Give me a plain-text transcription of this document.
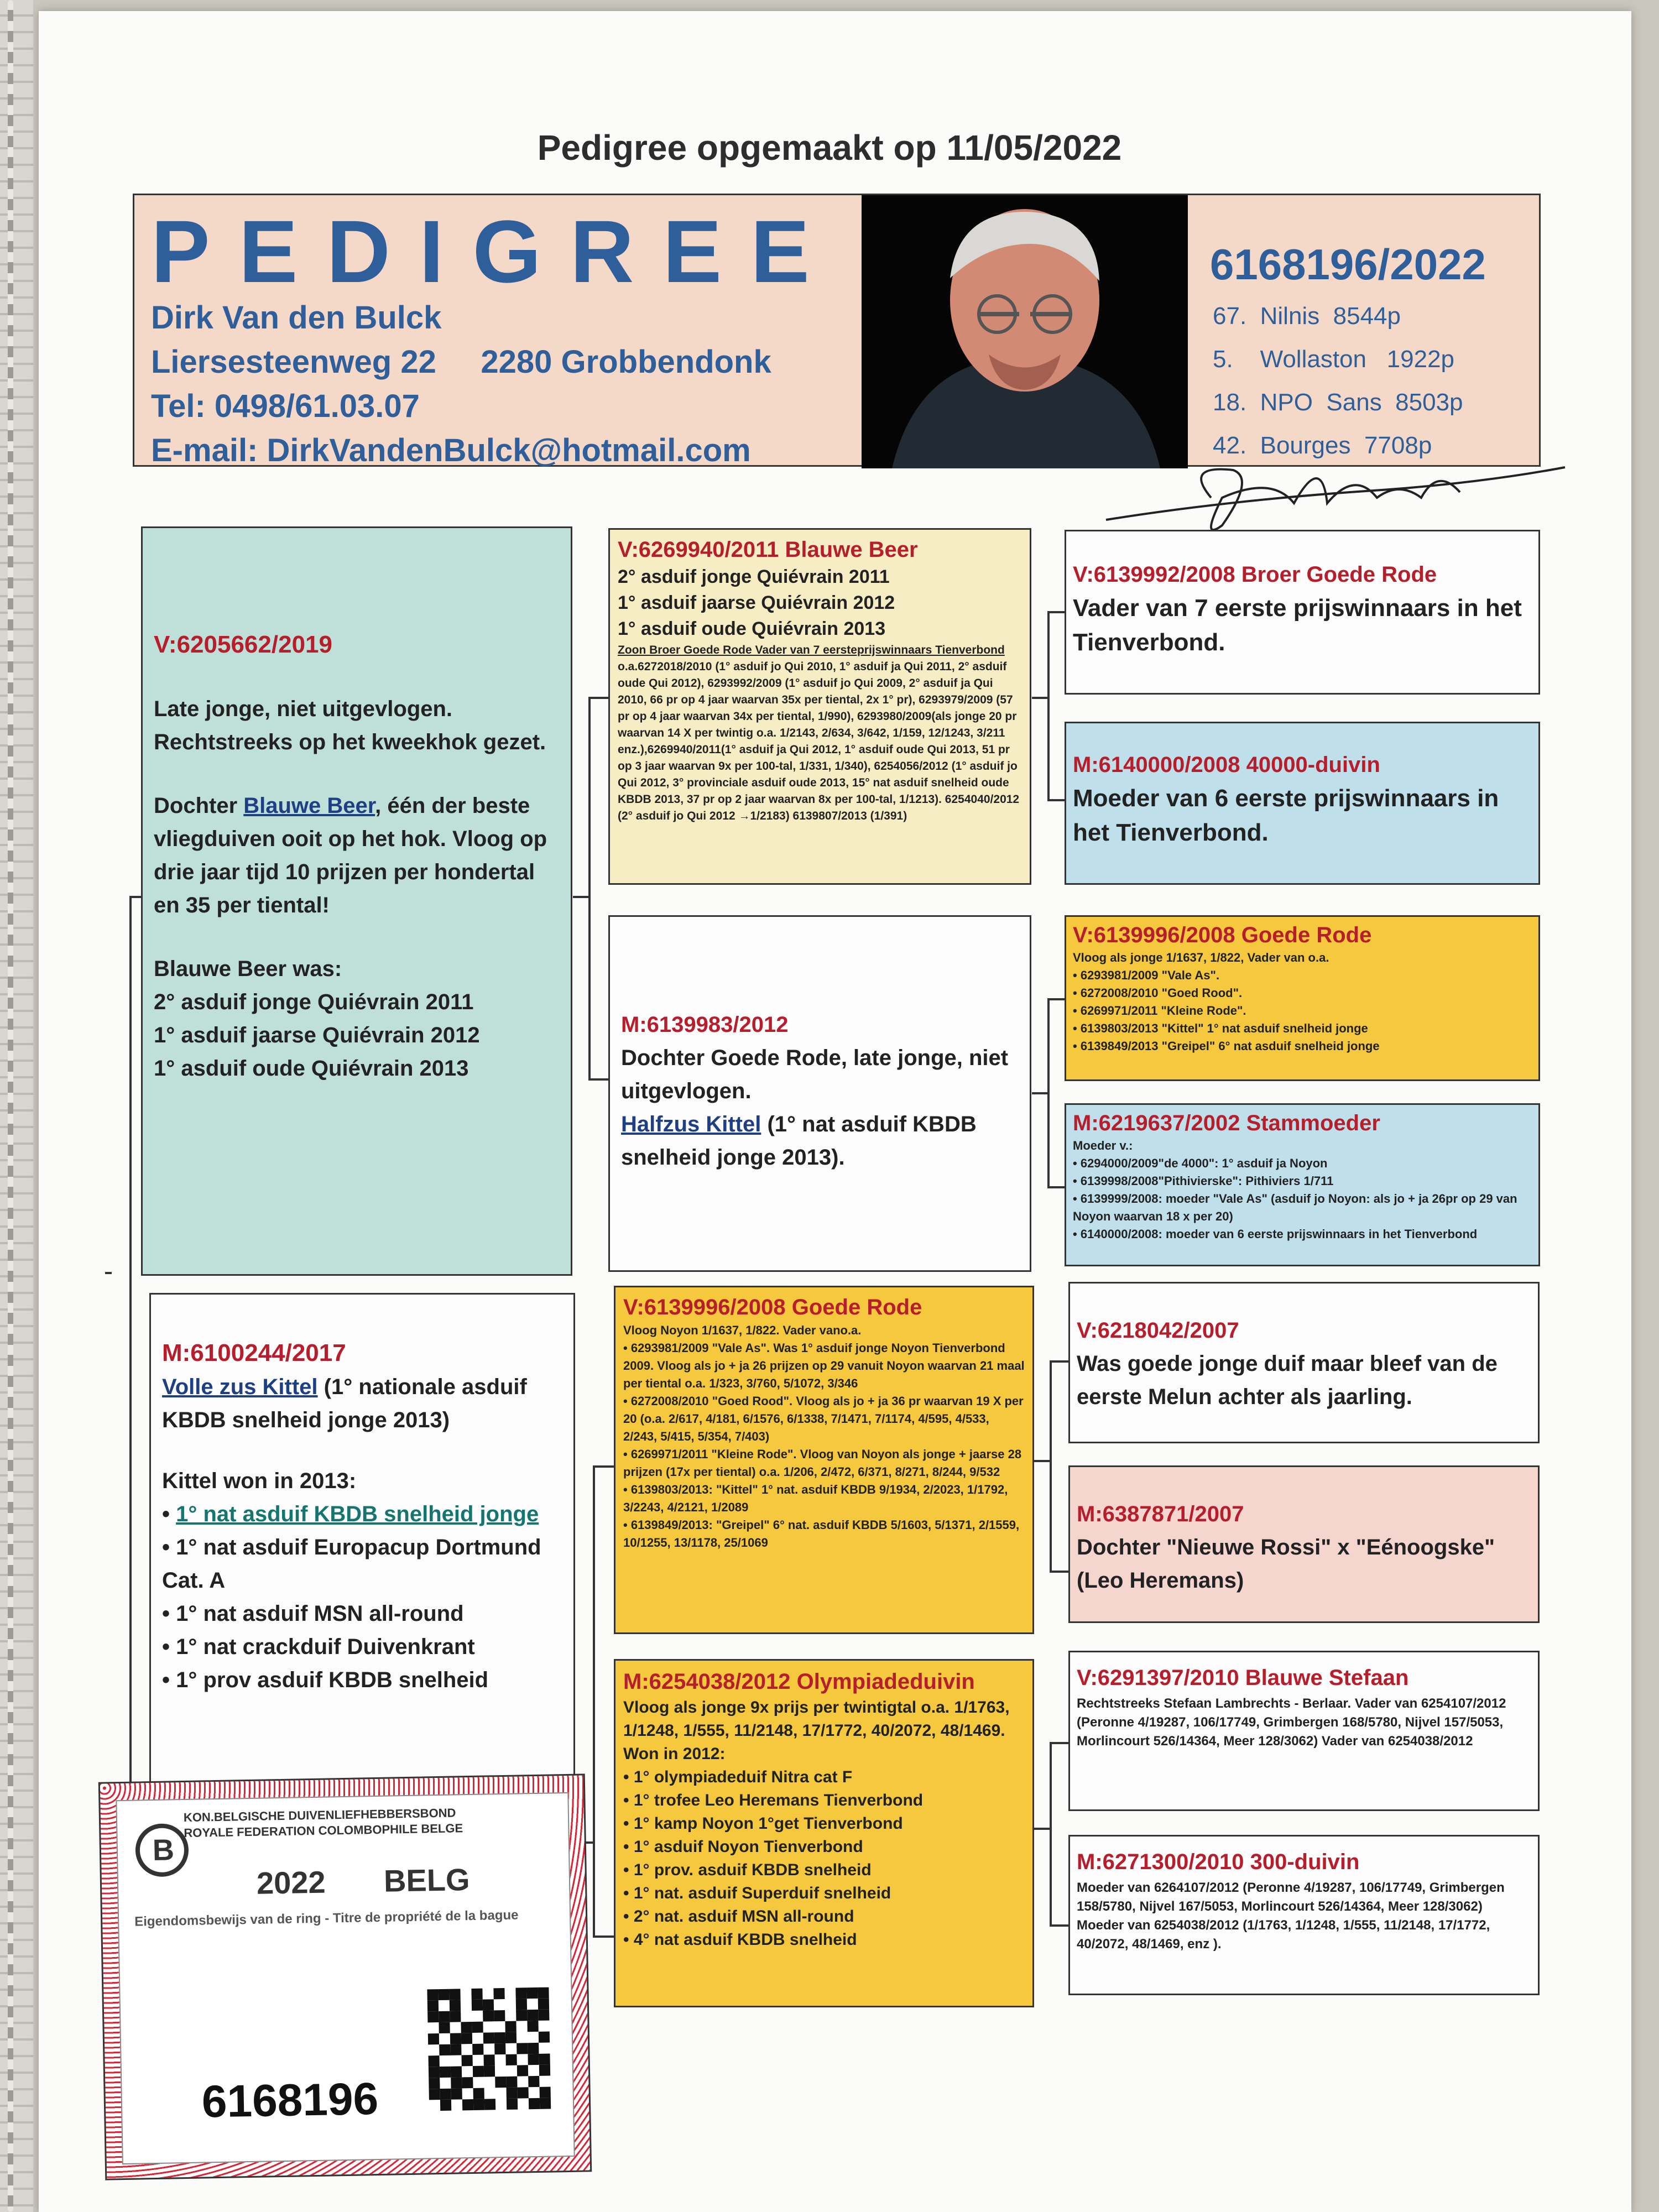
Pedigree opgemaakt op 11/05/2022
PEDIGREE
Dirk Van den Bulck
Liersesteenweg 22     2280 Grobbendonk
Tel: 0498/61.03.07
E-mail: DirkVandenBulck@hotmail.com
6168196/2022
67.  Nilnis  8544p
5.    Wollaston   1922p
18.  NPO  Sans  8503p
42.  Bourges  7708p
V:6205662/2019
Late jonge, niet uitgevlogen. Rechtstreeks op het kweekhok gezet.
Dochter Blauwe Beer, één der beste vliegduiven ooit op het hok. Vloog op drie jaar tijd 10 prijzen per hondertal en 35 per tiental!
Blauwe Beer was:
2° asduif jonge Quiévrain 2011
1° asduif jaarse Quiévrain 2012
1° asduif oude Quiévrain 2013
M:6100244/2017
Volle zus Kittel (1° nationale asduif KBDB snelheid jonge 2013)
Kittel won in 2013:
• 1° nat asduif KBDB snelheid jonge
• 1° nat asduif Europacup Dortmund Cat. A
• 1° nat asduif MSN all-round
• 1° nat crackduif Duivenkrant
• 1° prov asduif KBDB snelheid
V:6269940/2011 Blauwe Beer
2° asduif jonge Quiévrain 2011
1° asduif jaarse Quiévrain 2012
1° asduif oude Quiévrain 2013
Zoon Broer Goede Rode Vader van 7 eersteprijswinnaars Tienverbond
o.a.6272018/2010 (1° asduif jo Qui 2010, 1° asduif ja Qui 2011, 2° asduif oude Qui 2012), 6293992/2009 (1° asduif jo Qui 2009, 2° asduif ja Qui 2010, 66 pr op 4 jaar waarvan 35x per tiental, 2x 1° pr), 6293979/2009 (57 pr op 4 jaar waarvan 34x per tiental, 1/990), 6293980/2009(als jonge 20 pr waarvan 14 X per twintig o.a. 1/2143, 2/634, 3/642, 1/159, 12/1243, 3/211 enz.),6269940/2011(1° asduif ja Qui 2012, 1° asduif oude Qui 2013, 51 pr op 3 jaar waarvan 9x per 100-tal, 1/331, 1/340), 6254056/2012 (1° asduif jo Qui 2012, 3° provinciale asduif oude 2013, 15° nat asduif snelheid oude KBDB 2013, 37 pr op 2 jaar waarvan 8x per 100-tal, 1/1213). 6254040/2012 (2° asduif jo Qui 2012 →1/2183) 6139807/2013 (1/391)
M:6139983/2012
Dochter Goede Rode, late jonge, niet uitgevlogen.
Halfzus Kittel (1° nat asduif KBDB snelheid jonge 2013).
V:6139996/2008 Goede Rode
Vloog Noyon 1/1637, 1/822. Vader vano.a.
• 6293981/2009 "Vale As". Was 1° asduif jonge Noyon Tienverbond 2009. Vloog als jo + ja 26 prijzen op 29 vanuit Noyon waarvan 21 maal per tiental o.a. 1/323, 3/760, 5/1072, 3/346
• 6272008/2010 "Goed Rood". Vloog als jo + ja 36 pr waarvan 19 X per 20 (o.a. 2/617, 4/181, 6/1576, 6/1338, 7/1471, 7/1174, 4/595, 4/533, 2/243, 5/415, 5/354, 7/403)
• 6269971/2011 "Kleine Rode". Vloog van Noyon als jonge + jaarse 28 prijzen (17x per tiental) o.a. 1/206, 2/472, 6/371, 8/271, 8/244, 9/532
• 6139803/2013: "Kittel" 1° nat. asduif KBDB 9/1934, 2/2023, 1/1792, 3/2243, 4/2121, 1/2089
• 6139849/2013: "Greipel" 6° nat. asduif KBDB 5/1603, 5/1371, 2/1559, 10/1255, 13/1178, 25/1069
M:6254038/2012 Olympiadeduivin
Vloog als jonge 9x prijs per twintigtal o.a. 1/1763, 1/1248, 1/555, 11/2148, 17/1772, 40/2072, 48/1469. Won in 2012:
• 1° olympiadeduif Nitra cat F
• 1° trofee Leo Heremans Tienverbond
• 1° kamp Noyon 1°get Tienverbond
• 1° asduif Noyon Tienverbond
• 1° prov. asduif KBDB snelheid
• 1° nat. asduif Superduif snelheid
• 2° nat. asduif MSN all-round
• 4° nat asduif KBDB snelheid
V:6139992/2008 Broer Goede Rode
Vader van 7 eerste prijswinnaars in het Tienverbond.
M:6140000/2008 40000-duivin
Moeder van 6 eerste prijswinnaars in het Tienverbond.
V:6139996/2008 Goede Rode
Vloog als jonge 1/1637, 1/822, Vader van o.a.
• 6293981/2009 "Vale As".
• 6272008/2010 "Goed Rood".
• 6269971/2011 "Kleine Rode".
• 6139803/2013 "Kittel" 1° nat asduif snelheid jonge
• 6139849/2013 "Greipel" 6° nat asduif snelheid jonge
M:6219637/2002 Stammoeder
Moeder v.:
• 6294000/2009"de 4000": 1° asduif ja Noyon
• 6139998/2008"Pithivierske": Pithiviers 1/711
• 6139999/2008: moeder "Vale As" (asduif jo Noyon: als jo + ja 26pr op 29 van Noyon waarvan 18 x per 20)
• 6140000/2008: moeder van 6 eerste prijswinnaars in het Tienverbond
V:6218042/2007
Was goede jonge duif maar bleef van de eerste Melun achter als jaarling.
M:6387871/2007
Dochter "Nieuwe Rossi" x "Eénoogske" (Leo Heremans)
V:6291397/2010 Blauwe Stefaan
Rechtstreeks Stefaan Lambrechts - Berlaar. Vader van 6254107/2012 (Peronne 4/19287, 106/17749, Grimbergen 168/5780, Nijvel 157/5053, Morlincourt 526/14364, Meer 128/3062) Vader van 6254038/2012
M:6271300/2010 300-duivin
Moeder van 6264107/2012 (Peronne 4/19287, 106/17749, Grimbergen 158/5780, Nijvel 167/5053, Morlincourt 526/14364, Meer 128/3062) Moeder van 6254038/2012 (1/1763, 1/1248, 1/555, 11/2148, 17/1772, 40/2072, 48/1469, enz ).
B
KON.BELGISCHE DUIVENLIEFHEBBERSBOND
ROYALE FEDERATION COLOMBOPHILE BELGE
2022 BELG
Eigendomsbewijs van de ring - Titre de propriété de la bague
6168196
